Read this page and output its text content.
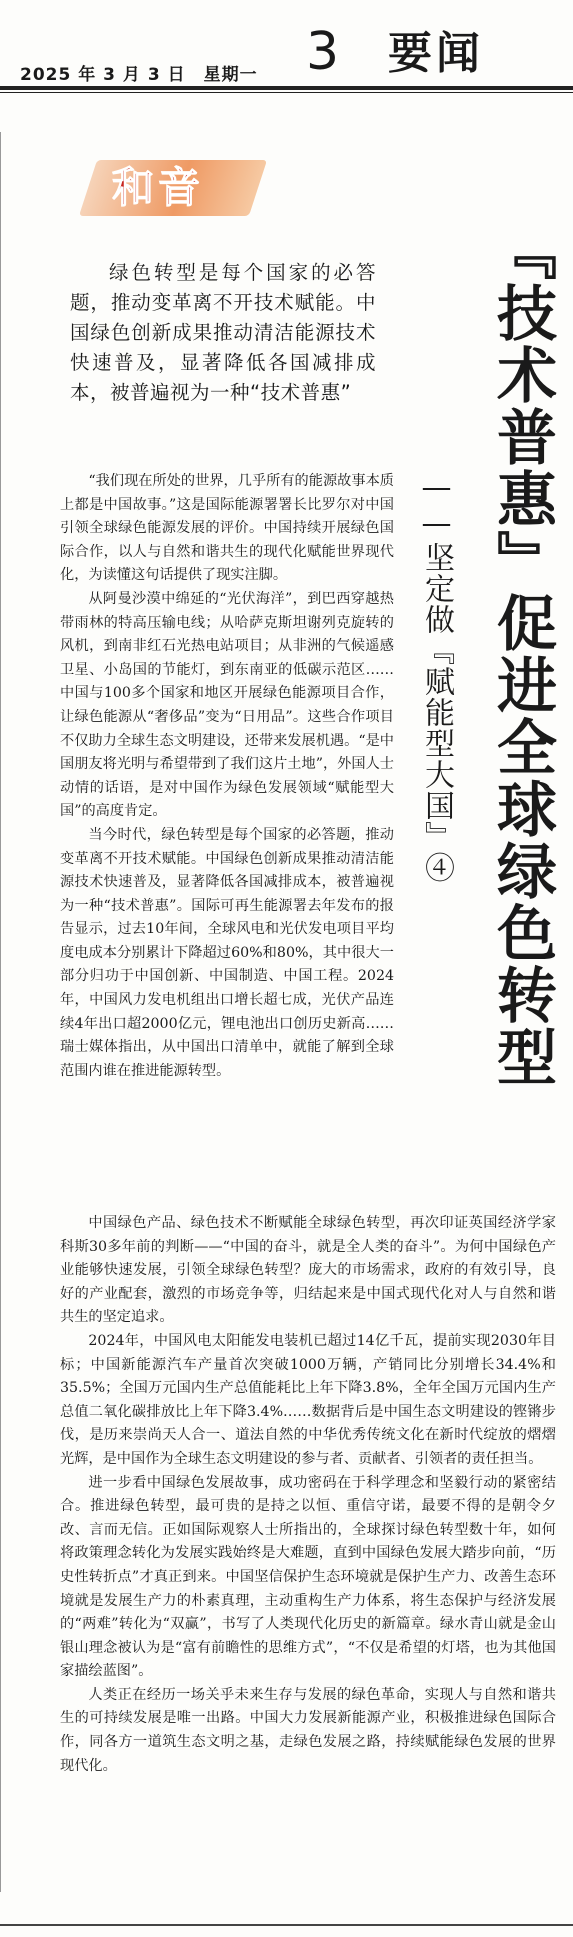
2025 年 3 月 3 日　星期一 3 要闻
和音
绿色转型是每个国家的必答题，推动变革离不开技术赋能。中国绿色创新成果推动清洁能源技术快速普及，显著降低各国减排成本，被普遍视为一种“技术普惠”	『技术普惠』促进全球绿色转型
——坚定做『赋能型大国』④

“我们现在所处的世界，几乎所有的能源故事本质上都是中国故事。”这是国际能源署署长比罗尔对中国引领全球绿色能源发展的评价。中国持续开展绿色国际合作，以人与自然和谐共生的现代化赋能世界现代化，为读懂这句话提供了现实注脚。

从阿曼沙漠中绵延的“光伏海洋”，到巴西穿越热带雨林的特高压输电线；从哈萨克斯坦谢列克旋转的风机，到南非红石光热电站项目；从非洲的气候遥感卫星、小岛国的节能灯，到东南亚的低碳示范区……中国与100多个国家和地区开展绿色能源项目合作，让绿色能源从“奢侈品”变为“日用品”。这些合作项目不仅助力全球生态文明建设，还带来发展机遇。“是中国朋友将光明与希望带到了我们这片土地”，外国人士动情的话语，是对中国作为绿色发展领域“赋能型大国”的高度肯定。

当今时代，绿色转型是每个国家的必答题，推动变革离不开技术赋能。中国绿色创新成果推动清洁能源技术快速普及，显著降低各国减排成本，被普遍视为一种“技术普惠”。国际可再生能源署去年发布的报告显示，过去10年间，全球风电和光伏发电项目平均度电成本分别累计下降超过60%和80%，其中很大一部分归功于中国创新、中国制造、中国工程。2024年，中国风力发电机组出口增长超七成，光伏产品连续4年出口超2000亿元，锂电池出口创历史新高……瑞士媒体指出，从中国出口清单中，就能了解到全球范围内谁在推进能源转型。

中国绿色产品、绿色技术不断赋能全球绿色转型，再次印证英国经济学家科斯30多年前的判断——“中国的奋斗，就是全人类的奋斗”。为何中国绿色产业能够快速发展，引领全球绿色转型？庞大的市场需求，政府的有效引导，良好的产业配套，激烈的市场竞争等，归结起来是中国式现代化对人与自然和谐共生的坚定追求。

2024年，中国风电太阳能发电装机已超过14亿千瓦，提前实现2030年目标；中国新能源汽车产量首次突破1000万辆，产销同比分别增长34.4%和35.5%；全国万元国内生产总值能耗比上年下降3.8%，全年全国万元国内生产总值二氧化碳排放比上年下降3.4%……数据背后是中国生态文明建设的铿锵步伐，是历来崇尚天人合一、道法自然的中华优秀传统文化在新时代绽放的熠熠光辉，是中国作为全球生态文明建设的参与者、贡献者、引领者的责任担当。

进一步看中国绿色发展故事，成功密码在于科学理念和坚毅行动的紧密结合。推进绿色转型，最可贵的是持之以恒、重信守诺，最要不得的是朝令夕改、言而无信。正如国际观察人士所指出的，全球探讨绿色转型数十年，如何将政策理念转化为发展实践始终是大难题，直到中国绿色发展大踏步向前，“历史性转折点”才真正到来。中国坚信保护生态环境就是保护生产力、改善生态环境就是发展生产力的朴素真理，主动重构生产力体系，将生态保护与经济发展的“两难”转化为“双赢”，书写了人类现代化历史的新篇章。绿水青山就是金山银山理念被认为是“富有前瞻性的思维方式”，“不仅是希望的灯塔，也为其他国家描绘蓝图”。

人类正在经历一场关乎未来生存与发展的绿色革命，实现人与自然和谐共生的可持续发展是唯一出路。中国大力发展新能源产业，积极推进绿色国际合作，同各方一道筑生态文明之基，走绿色发展之路，持续赋能绿色发展的世界现代化。
